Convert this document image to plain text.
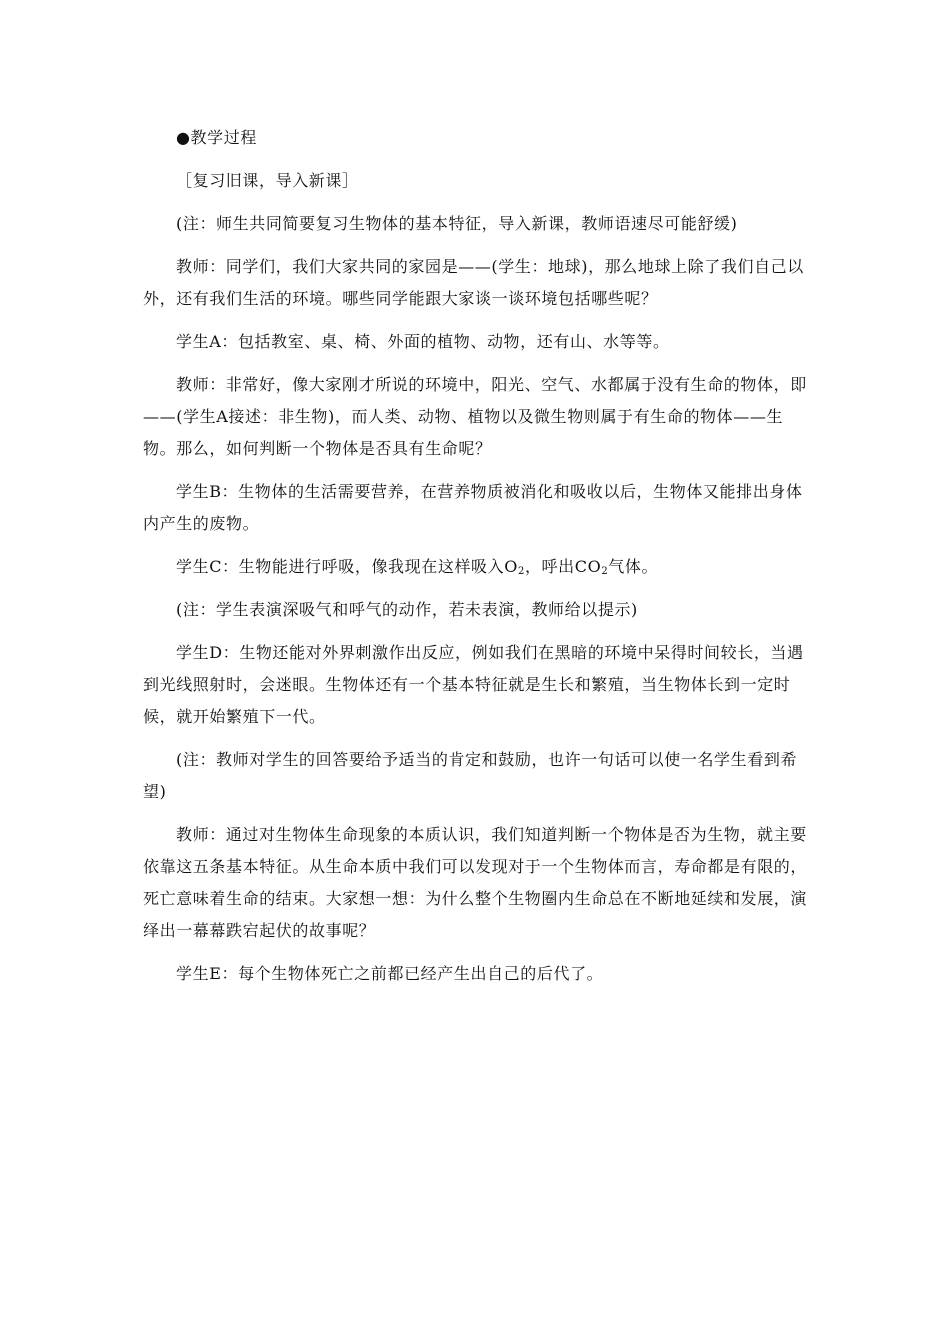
●教学过程

［复习旧课，导入新课］

(注：师生共同简要复习生物体的基本特征，导入新课，教师语速尽可能舒缓)

教师：同学们，我们大家共同的家园是——(学生：地球)，那么地球上除了我们自己以外，还有我们生活的环境。哪些同学能跟大家谈一谈环境包括哪些呢？

学生A：包括教室、桌、椅、外面的植物、动物，还有山、水等等。

教师：非常好，像大家刚才所说的环境中，阳光、空气、水都属于没有生命的物体，即——(学生A接述：非生物)，而人类、动物、植物以及微生物则属于有生命的物体——生物。那么，如何判断一个物体是否具有生命呢？

学生B：生物体的生活需要营养，在营养物质被消化和吸收以后，生物体又能排出身体内产生的废物。

学生C：生物能进行呼吸，像我现在这样吸入$O_2$，呼出$CO_2$气体。

(注：学生表演深吸气和呼气的动作，若未表演，教师给以提示)

学生D：生物还能对外界刺激作出反应，例如我们在黑暗的环境中呆得时间较长，当遇到光线照射时，会迷眼。生物体还有一个基本特征就是生长和繁殖，当生物体长到一定时候，就开始繁殖下一代。

(注：教师对学生的回答要给予适当的肯定和鼓励，也许一句话可以使一名学生看到希望)

教师：通过对生物体生命现象的本质认识，我们知道判断一个物体是否为生物，就主要依靠这五条基本特征。从生命本质中我们可以发现对于一个生物体而言，寿命都是有限的，死亡意味着生命的结束。大家想一想：为什么整个生物圈内生命总在不断地延续和发展，演绎出一幕幕跌宕起伏的故事呢？

学生E：每个生物体死亡之前都已经产生出自己的后代了。
